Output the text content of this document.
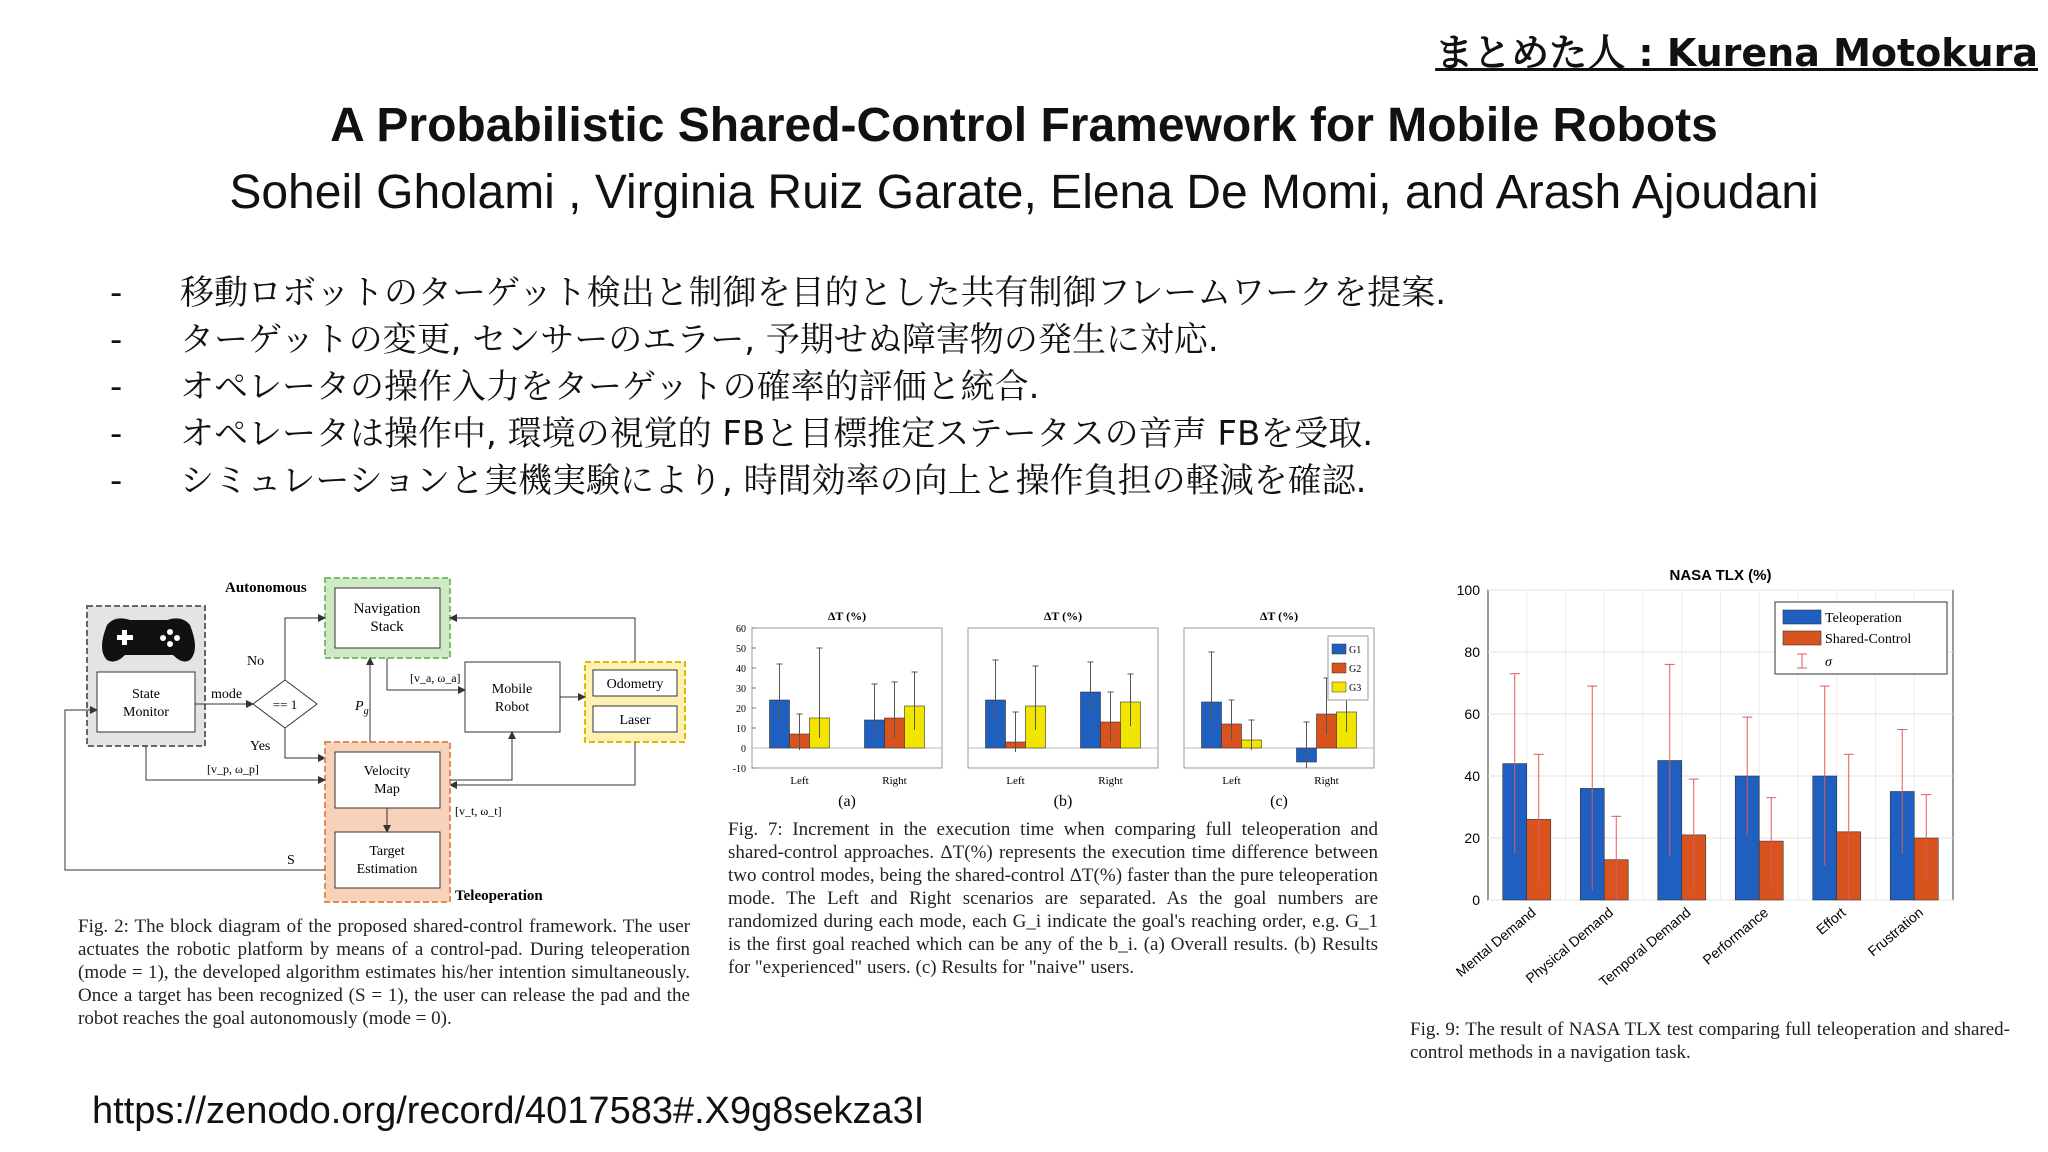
まとめた人 : Kurena Motokura
A Probabilistic Shared-Control Framework for Mobile Robots
Soheil Gholami , Virginia Ruiz Garate, Elena De Momi, and Arash Ajoudani
-	移動ロボットのターゲット検出と制御を目的とした共有制御フレームワークを提案.
-	ターゲットの変更, センサーのエラー, 予期せぬ障害物の発生に対応.
-	オペレータの操作入力をターゲットの確率的評価と統合.
-	オペレータは操作中, 環境の視覚的 FBと目標推定ステータスの音声 FBを受取.
-	シミュレーションと実機実験により, 時間効率の向上と操作負担の軽減を確認.
Autonomous
Navigation
Stack
State
Monitor
== 1
mode
No
Yes
Mobile
Robot
[v_a, ω_a]	Odometry
Laser
Velocity
Map
Target
Estimation
[v_t, ω_t]
$P_g$
[v_p, ω_p]
S
Teleoperation
Fig. 2: The block diagram of the proposed shared-control framework. The user actuates the robotic platform by means of a control-pad. During teleoperation (mode = 1), the developed algorithm estimates his/her intention simultaneously. Once a target has been recognized (S = 1), the user can release the pad and the robot reaches the goal autonomously (mode = 0).
ΔT (%)
-10
0
10
20
30
40
50
60
Left	Right
(a)
ΔT (%)
Left	Right
(b)
ΔT (%)
Left	Right
(c)
G1
G2
G3
Fig. 7: Increment in the execution time when comparing full teleoperation and shared-control approaches. ΔT(%) represents the execution time difference between two control modes, being the shared-control ΔT(%) faster than the pure teleoperation mode. The Left and Right scenarios are separated. As the goal numbers are randomized during each mode, each G_i indicate the goal's reaching order, e.g. G_1 is the first goal reached which can be any of the b_i. (a) Overall results. (b) Results for "experienced" users. (c) Results for "naive" users.
NASA TLX (%)
0
20
40
60
80
100
Mental Demand
Physical Demand
Temporal Demand Performance	Effort Frustration
Teleoperation
Shared-Control
σ
Fig. 9: The result of NASA TLX test comparing full teleoperation and shared-control methods in a navigation task.
https://zenodo.org/record/4017583#.X9g8sekza3I
